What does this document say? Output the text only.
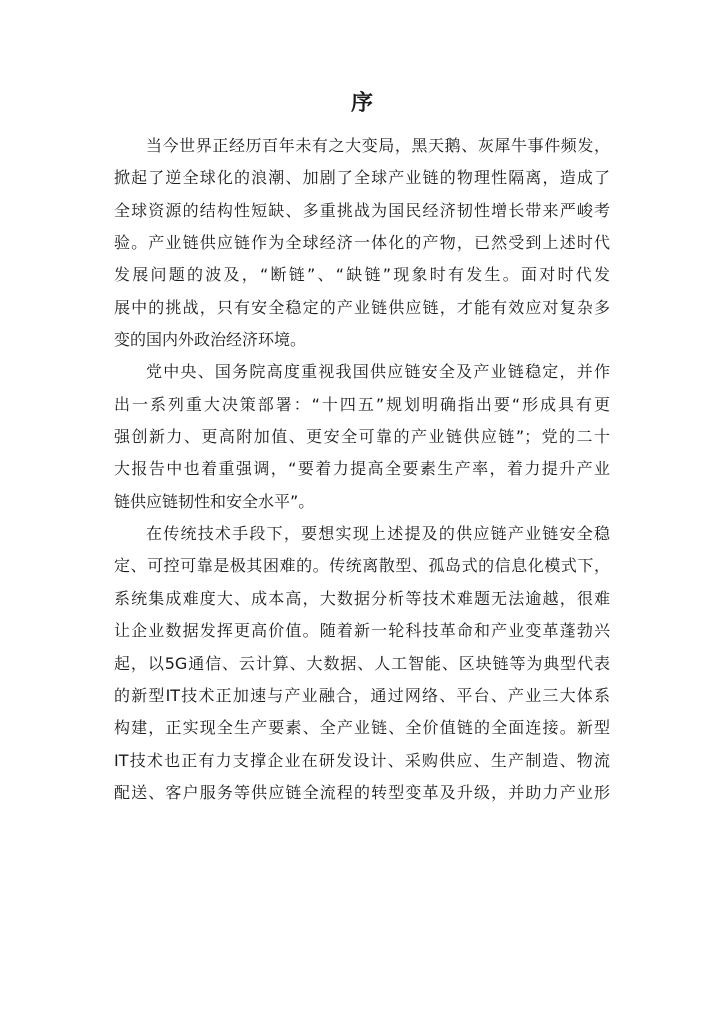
序
当今世界正经历百年未有之大变局，黑天鹅、灰犀牛事件频发，
掀起了逆全球化的浪潮、加剧了全球产业链的物理性隔离，造成了
全球资源的结构性短缺、多重挑战为国民经济韧性增长带来严峻考
验。产业链供应链作为全球经济一体化的产物，已然受到上述时代
发展问题的波及，“断链”、“缺链”现象时有发生。面对时代发
展中的挑战，只有安全稳定的产业链供应链，才能有效应对复杂多
变的国内外政治经济环境。
党中央、国务院高度重视我国供应链安全及产业链稳定，并作
出一系列重大决策部署：“十四五”规划明确指出要“形成具有更
强创新力、更高附加值、更安全可靠的产业链供应链”；党的二十
大报告中也着重强调，“要着力提高全要素生产率，着力提升产业
链供应链韧性和安全水平”。
在传统技术手段下，要想实现上述提及的供应链产业链安全稳
定、可控可靠是极其困难的。传统离散型、孤岛式的信息化模式下，
系统集成难度大、成本高，大数据分析等技术难题无法逾越，很难
让企业数据发挥更高价值。随着新一轮科技革命和产业变革蓬勃兴
起，以5G通信、云计算、大数据、人工智能、区块链等为典型代表
的新型IT技术正加速与产业融合，通过网络、平台、产业三大体系
构建，正实现全生产要素、全产业链、全价值链的全面连接。新型
IT技术也正有力支撑企业在研发设计、采购供应、生产制造、物流
配送、客户服务等供应链全流程的转型变革及升级，并助力产业形
